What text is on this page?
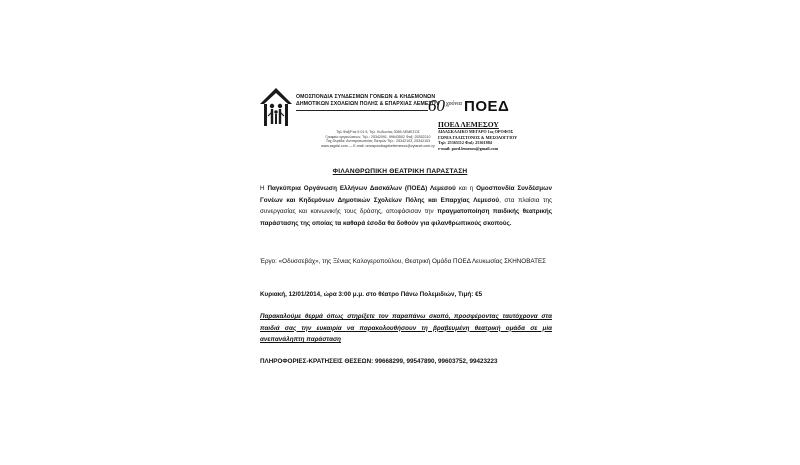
ΟΜΟΣΠΟΝΔΙΑ ΣΥΝΔΕΣΜΩΝ ΓΟΝΕΩΝ & ΚΗΔΕΜΟΝΩΝ
ΔΗΜΟΤΙΚΩΝ ΣΧΟΛΕΙΩΝ ΠΟΛΗΣ & ΕΠΑΡΧΙΑΣ ΛΕΜΕΣΟΥ
Τηλ.Φαξ/Fax 5 01 5, Τηλ. Κυδωνίας 3085 ΛΕΜΕΣΟΣ
Γραφείο οργανώσεων, Τηλ.: 25342091, 99643502 Φαξ: 25352210
Ταχ.Θυρίδα: Αντιπροσωπείας Πατρών Τηλ.: 25342103, 25342103
www.ssgdsl.com — E-mail: omospondiagdseilemesou@cytanet.com.cy
$60^{\chi\rho ό\nu\iota\alpha}$ ΠΟΕΔ
ΠΟΕΔ ΛΕΜΕΣΟΥ
ΔΙΔΑΣΚΑΛΙΚΟ ΜΕΓΑΡΟ 1ος ΟΡΟΦΟΣ
ΓΩΝΙΑ ΓΑΛΙΣΤΟΝΟΣ & ΜΕΣΟΛΟΓΓΙΟΥ
Τηλ: 25365112 Φαξ: 25361884
e-mail: poed.lemesou@gmail.com
ΦΙΛΑΝΘΡΩΠΙΚΗ ΘΕΑΤΡΙΚΗ ΠΑΡΑΣΤΑΣΗ
Η Παγκύπρια Οργάνωση Ελλήνων Δασκάλων (ΠΟΕΔ) Λεμεσού και η Ομοσπονδία Συνδέσμων Γονέων και Κηδεμόνων Δημοτικών Σχολείων Πόλης και Επαρχίας Λεμεσού, στα πλαίσια της συνεργασίας και κοινωνικής τους δράσης, αποφάσισαν την πραγματοποίηση παιδικής θεατρικής παράστασης της οποίας τα καθαρά έσοδα θα δοθούν για φιλανθρωπικούς σκοπούς.
Έργο: «Οδυσσεβάχ», της Ξένιας Καλογεροπούλου, Θεατρική Ομάδα ΠΟΕΔ Λευκωσίας ΣΚΗΝΟΒΑΤΕΣ
Κυριακή, 12/01/2014, ώρα 3:00 μ.μ. στο θέατρο Πάνω Πολεμιδιών, Τιμή: €5
Παρακαλούμε θερμά όπως στηρίξετε τον παραπάνω σκοπό, προσφέροντας ταυτόχρονα στα παιδιά σας την ευκαιρία να παρακολουθήσουν τη βραβευμένη θεατρική ομάδα σε μία ανεπανάληπτη παράσταση
ΠΛΗΡΟΦΟΡΙΕΣ-ΚΡΑΤΗΣΕΙΣ ΘΕΣΕΩΝ: 99668299, 99547890, 99603752, 99423223
